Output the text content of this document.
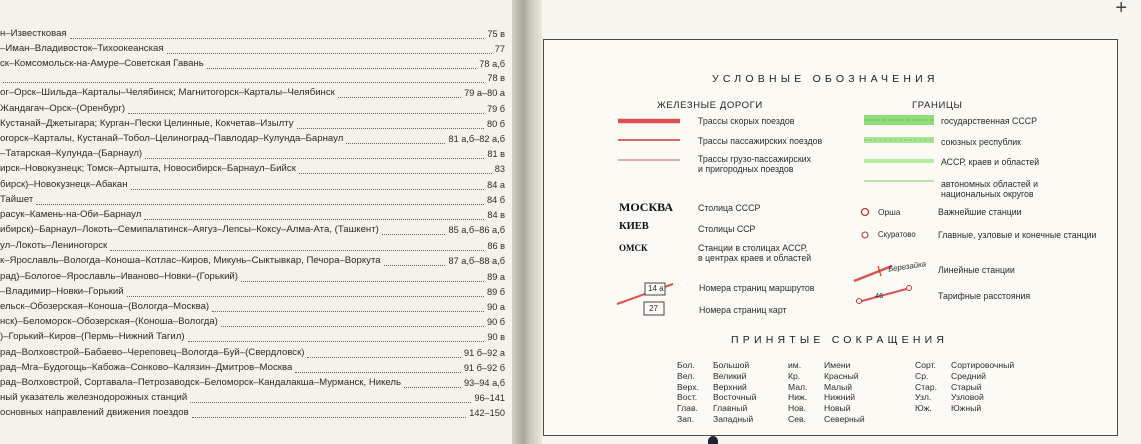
н–Известковая	75 в
–Иман–Владивосток–Тихоокеанская	77
ск–Комсомольск-на-Амуре–Советская Гавань	78 а,б
78 в
ог–Орск–Шильда–Карталы–Челябинск; Магнитогорск–Карталы–Челябинск	79 а–80 а
Жандагач–Орск–(Оренбург)	79 б
Кустанай–Джетыгара; Курган–Пески Целинные, Кокчетав–Изылту	80 б
огорск–Карталы, Кустанай–Тобол–Целиноград–Павлодар–Кулунда–Барнаул	81 а,б–82 а,б
–Татарская–Кулунда–(Барнаул)	81 в
ирск–Новокузнецк; Томск–Артышта, Новосибирск–Барнаул–Бийск	83
бирск)–Новокузнецк–Абакан	84 а
Тайшет	84 б
расук–Камень-на-Оби–Барнаул	84 в
ибирск)–Барнаул–Локоть–Семипалатинск–Аягуз–Лепсы–Коксу–Алма-Ата, (Ташкент)	85 а,б–86 а,б
ул–Локоть–Лениногорск	86 в
к–Ярославль–Вологда–Коноша–Котлас–Киров, Микунь–Сыктывкар, Печора–Воркута	87 а,б–88 а,б
рад)–Бологое–Ярославль–Иваново–Новки–(Горький)	89 а
–Владимир–Новки–Горький	89 б
ельск–Обозерская–Коноша–(Вологда–Москва)	90 а
нск)–Беломорск–Обозерская–(Коноша–Вологда)	90 б
)–Горький–Киров–(Пермь–Нижний Тагил)	90 в
рад–Волховстрой–Бабаево–Череповец–Вологда–Буй–(Свердловск)	91 б–92 а
рад–Мга–Будогощь–Кабожа–Сонково–Калязин–Дмитров–Москва	91 б–92 б
рад–Волховстрой, Сортавала–Петрозаводск–Беломорск–Кандалакша–Мурманск, Никель	93–94 а,б
ный указатель железнодорожных станций	96–141
основных направлений движения поездов	142–150
+
УСЛОВНЫЕ ОБОЗНАЧЕНИЯ
ЖЕЛЕЗНЫЕ ДОРОГИ	ГРАНИЦЫ
Трассы скорых поездов
Трассы пассажирских поездов
Трассы грузо-пассажирских
и пригородных поездов
государственная СССР
союзных республик
АССР, краев и областей
автономных областей и
национальных округов
МОСКВА	Столица СССР
КИЕВ	Столицы ССР
ОМСК	Станции в столицах АССР,
в центрах краев и областей
Орша	Важнейшие станции
Скуратово	Главные, узловые и конечные станции
Березайка Линейные станции
14 а	Номера страниц маршрутов
27	Номера страниц карт
46	Тарифные расстояния
ПРИНЯТЫЕ СОКРАЩЕНИЯ
Бол.	Большой
Вел.	Великий
Верх.	Верхний
Вост.	Восточный
Глав.	Главный
Зап.	Западный
им.	Имени
Кр.	Красный
Мал.	Малый
Ниж.	Нижний
Нов.	Новый
Сев.	Северный
Сорт.	Сортировочный
Ср.	Средний
Стар.	Старый
Узл.	Узловой
Юж.	Южный
